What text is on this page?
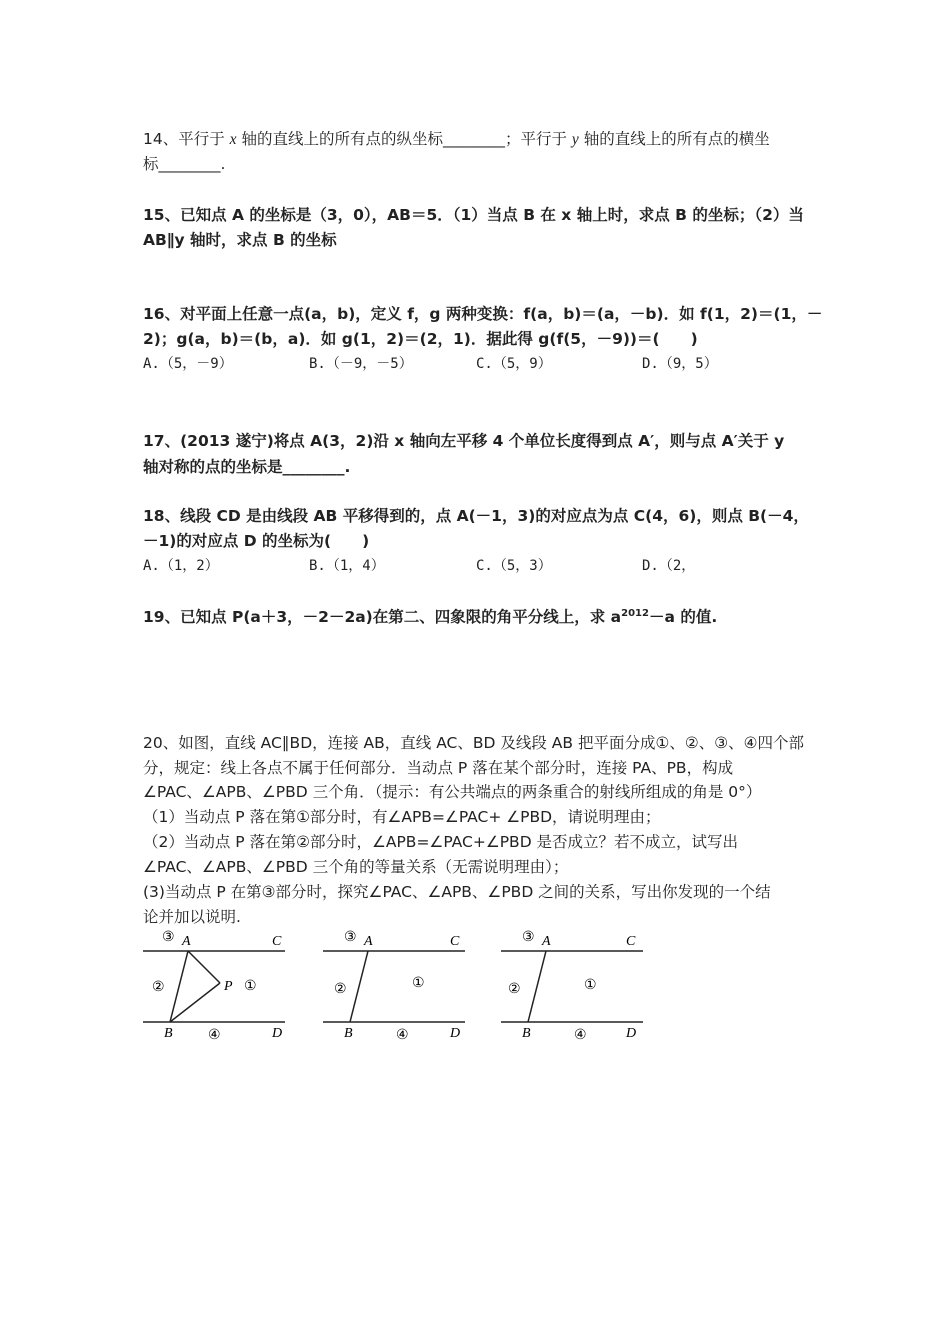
14、平行于 x 轴的直线上的所有点的纵坐标________；平行于 y 轴的直线上的所有点的横坐
标________.
15、已知点 A 的坐标是（3，0），AB＝5．（1）当点 B 在 x 轴上时，求点 B 的坐标；（2）当
AB∥y 轴时，求点 B 的坐标
16、对平面上任意一点(a，b)，定义 f，g 两种变换：f(a，b)＝(a，－b)．如 f(1，2)＝(1，－
2)；g(a，b)＝(b，a)．如 g(1，2)＝(2，1)．据此得 g(f(5，－9))＝(　　)
A.（5，－9）	B.（－9，－5）	C.（5，9）	D.（9，5）
17、(2013 遂宁)将点 A(3，2)沿 x 轴向左平移 4 个单位长度得到点 A′，则与点 A′关于 y
轴对称的点的坐标是________.
18、线段 CD 是由线段 AB 平移得到的，点 A(－1，3)的对应点为点 C(4，6)，则点 B(－4，
－1)的对应点 D 的坐标为(　　)
A.（1，2）	B.（1，4）	C.（5，3）	D.（2，
19、已知点 P(a＋3，－2－2a)在第二、四象限的角平分线上，求 $a^{2012}-a$ 的值.
20、如图，直线 AC∥BD，连接 AB，直线 AC、BD 及线段 AB 把平面分成①、②、③、④四个部
分，规定：线上各点不属于任何部分．当动点 P 落在某个部分时，连接 PA、PB，构成
∠PAC、∠APB、∠PBD 三个角．（提示：有公共端点的两条重合的射线所组成的角是 0°）
（1）当动点 P 落在第①部分时，有∠APB=∠PAC+ ∠PBD，请说明理由；
（2）当动点 P 落在第②部分时，∠APB=∠PAC+∠PBD 是否成立？若不成立，试写出
∠PAC、∠APB、∠PBD 三个角的等量关系（无需说明理由）；
(3)当动点 P 在第③部分时，探究∠PAC、∠APB、∠PBD 之间的关系，写出你发现的一个结
论并加以说明.
③ A	C
②	P ①
B	④	D
③ A	C
②	①
B	④	D
③ A	C
②	①
B	④	D
